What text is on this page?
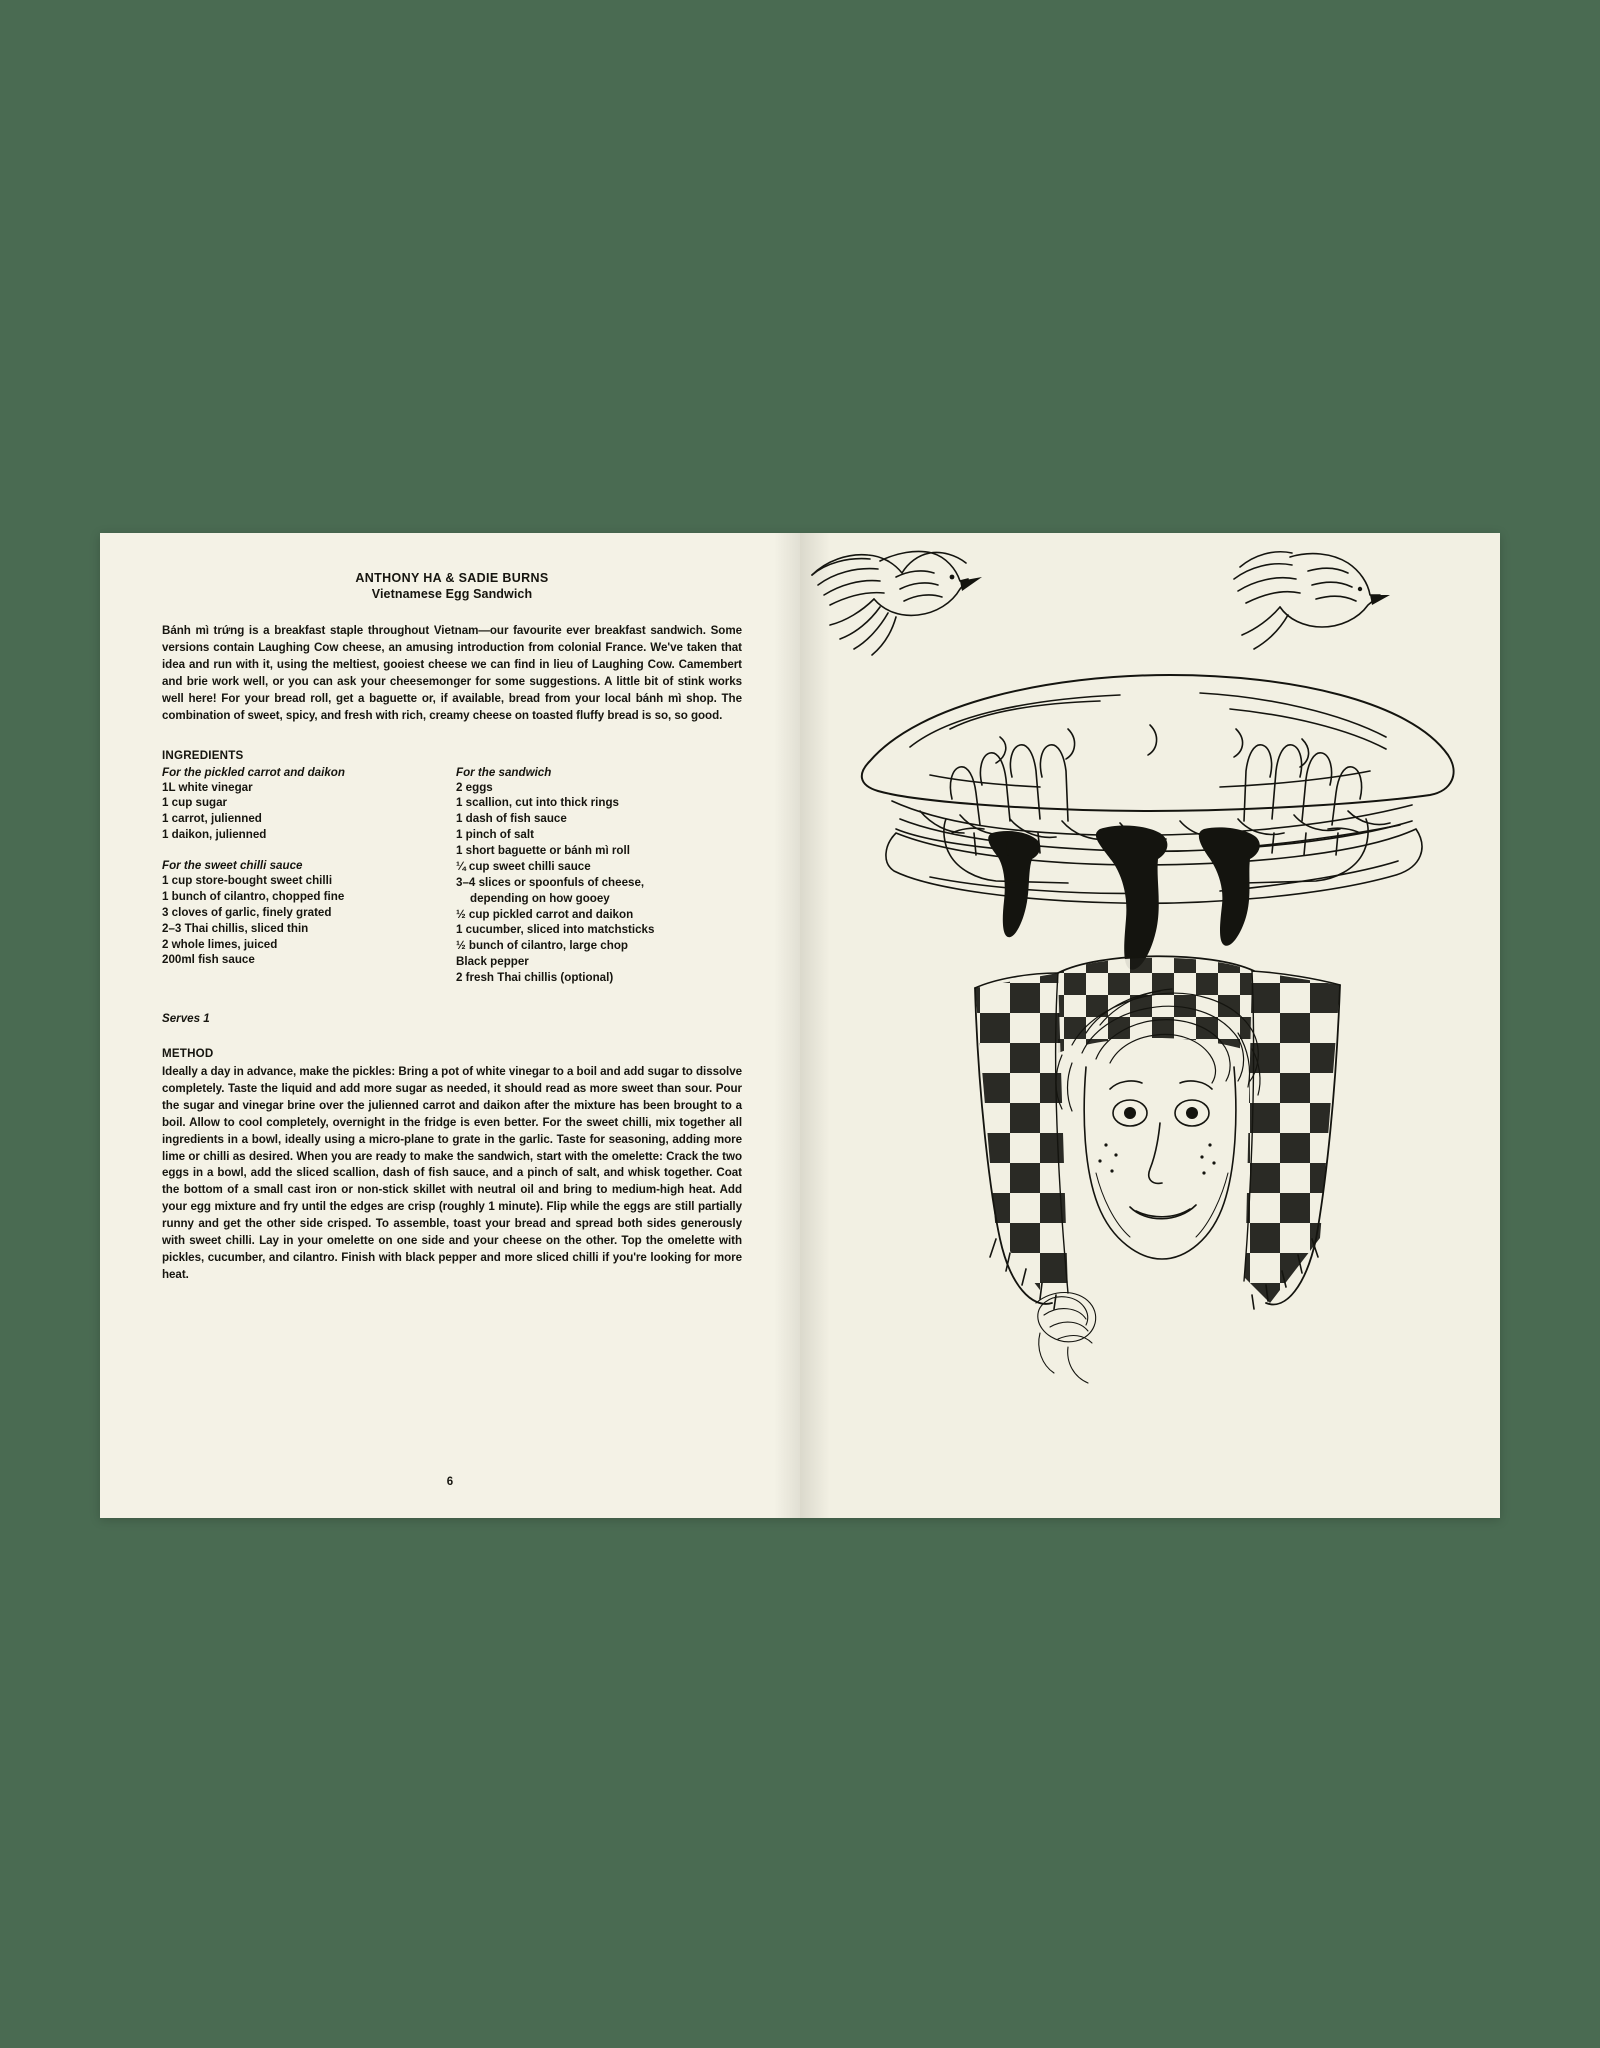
ANTHONY HA & SADIE BURNS
Vietnamese Egg Sandwich

Bánh mì trứng is a breakfast staple throughout Vietnam—our favourite ever breakfast sandwich. Some versions contain Laughing Cow cheese, an amusing introduction from colonial France. We've taken that idea and run with it, using the meltiest, gooiest cheese we can find in lieu of Laughing Cow. Camembert and brie work well, or you can ask your cheesemonger for some suggestions. A little bit of stink works well here! For your bread roll, get a baguette or, if available, bread from your local bánh mì shop. The combination of sweet, spicy, and fresh with rich, creamy cheese on toasted fluffy bread is so, so good.

INGREDIENTS
For the pickled carrot and daikon
1L white vinegar
1 cup sugar
1 carrot, julienned
1 daikon, julienned
For the sweet chilli sauce
1 cup store-bought sweet chilli
1 bunch of cilantro, chopped fine
3 cloves of garlic, finely grated
2–3 Thai chillis, sliced thin
2 whole limes, juiced
200ml fish sauce
For the sandwich
2 eggs
1 scallion, cut into thick rings
1 dash of fish sauce
1 pinch of salt
1 short baguette or bánh mì roll
¼ cup sweet chilli sauce
3–4 slices or spoonfuls of cheese,
depending on how gooey
½ cup pickled carrot and daikon
1 cucumber, sliced into matchsticks
½ bunch of cilantro, large chop
Black pepper
2 fresh Thai chillis (optional)
Serves 1
METHOD

Ideally a day in advance, make the pickles: Bring a pot of white vinegar to a boil and add sugar to dissolve completely. Taste the liquid and add more sugar as needed, it should read as more sweet than sour. Pour the sugar and vinegar brine over the julienned carrot and daikon after the mixture has been brought to a boil. Allow to cool completely, overnight in the fridge is even better. For the sweet chilli, mix together all ingredients in a bowl, ideally using a micro-plane to grate in the garlic. Taste for seasoning, adding more lime or chilli as desired. When you are ready to make the sandwich, start with the omelette: Crack the two eggs in a bowl, add the sliced scallion, dash of fish sauce, and a pinch of salt, and whisk together. Coat the bottom of a small cast iron or non-stick skillet with neutral oil and bring to medium-high heat. Add your egg mixture and fry until the edges are crisp (roughly 1 minute). Flip while the eggs are still partially runny and get the other side crisped. To assemble, toast your bread and spread both sides generously with sweet chilli. Lay in your omelette on one side and your cheese on the other. Top the omelette with pickles, cucumber, and cilantro. Finish with black pepper and more sliced chilli if you're looking for more heat.

6
